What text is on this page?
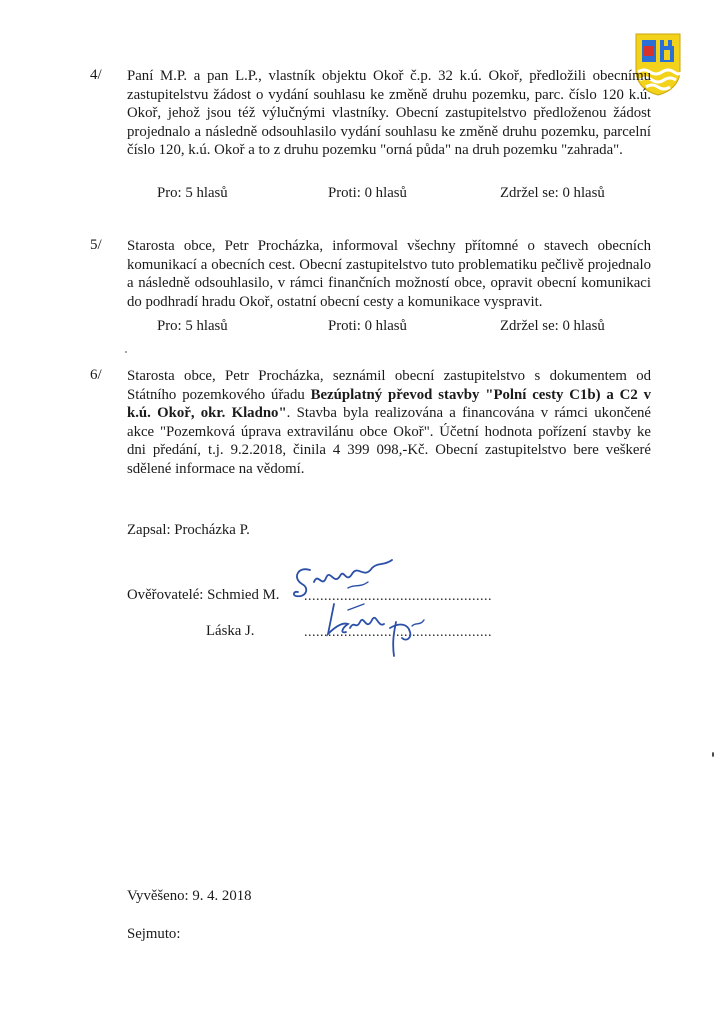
4/ Paní M.P. a pan L.P., vlastník objektu Okoř č.p. 32 k.ú. Okoř, předložili obecnímu zastupitelstvu žádost o vydání souhlasu ke změně druhu pozemku, parc. číslo 120 k.ú. Okoř, jehož jsou též výlučnými vlastníky. Obecní zastupitelstvo předloženou žádost projednalo a následně odsouhlasilo vydání souhlasu ke změně druhu pozemku, parcelní číslo 120, k.ú. Okoř a to z druhu pozemku "orná půda" na druh pozemku "zahrada".
Pro: 5 hlasů	Proti: 0 hlasů	Zdržel se: 0 hlasů
5/ Starosta obce, Petr Procházka, informoval všechny přítomné o stavech obecních komunikací a obecních cest. Obecní zastupitelstvo tuto problematiku pečlivě projednalo a následně odsouhlasilo, v rámci finančních možností obce, opravit obecní komunikaci do podhradí hradu Okoř, ostatní obecní cesty a komunikace vyspravit.
Pro: 5 hlasů	Proti: 0 hlasů	Zdržel se: 0 hlasů
6/ Starosta obce, Petr Procházka, seznámil obecní zastupitelstvo s dokumentem od Státního pozemkového úřadu Bezúplatný převod stavby "Polní cesty C1b) a C2 v k.ú. Okoř, okr. Kladno". Stavba byla realizována a financována v rámci ukončené akce "Pozemková úprava extravilánu obce Okoř". Účetní hodnota pořízení stavby ke dni předání, t.j. 9.2.2018, činila 4 399 098,-Kč. Obecní zastupitelstvo bere veškeré sdělené informace na vědomí.
Zapsal: Procházka P.
Ověřovatelé: Schmied M. ...............................................
Láska J.	...............................................
Vyvěšeno: 9. 4. 2018
Sejmuto:
